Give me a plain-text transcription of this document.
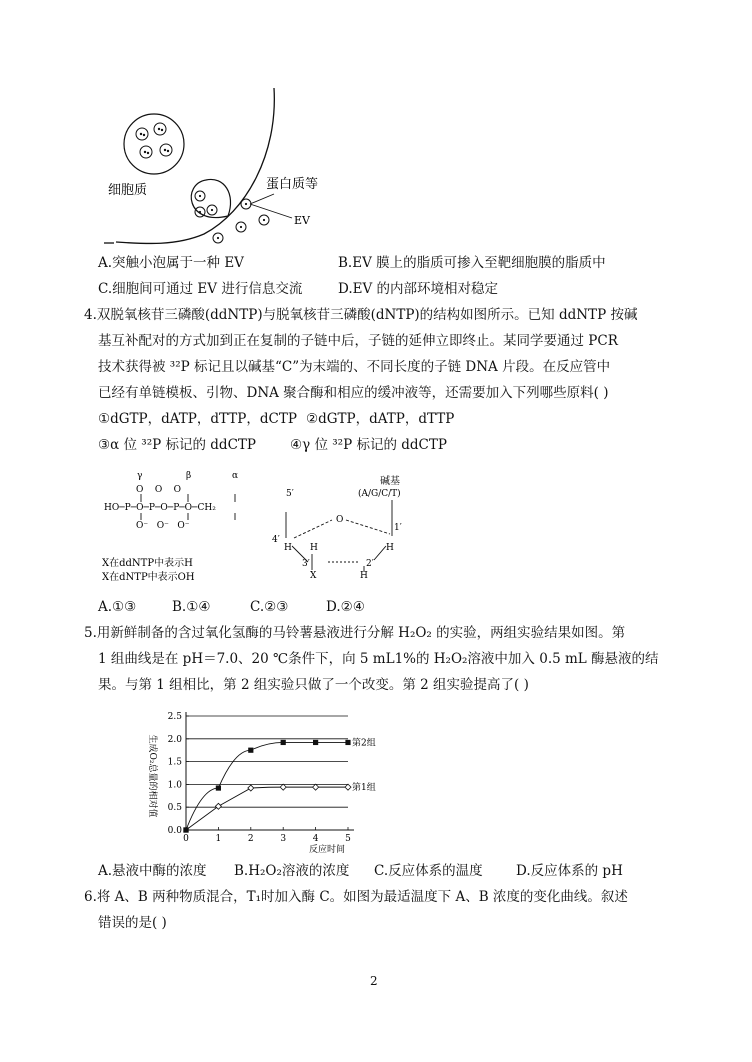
细胞质	蛋白质等
EV
A.突触小泡属于一种 EV	B.EV 膜上的脂质可掺入至靶细胞膜的脂质中
C.细胞间可通过 EV 进行信息交流	D.EV 的内部环境相对稳定
4.双脱氧核苷三磷酸(ddNTP)与脱氧核苷三磷酸(dNTP)的结构如图所示。已知 ddNTP 按碱
基互补配对的方式加到正在复制的子链中后，子链的延伸立即终止。某同学要通过 PCR
技术获得被 ³²P 标记且以碱基“C”为末端的、不同长度的子链 DNA 片段。在反应管中
已经有单链模板、引物、DNA 聚合酶和相应的缓冲液等，还需要加入下列哪些原料( )
①dGTP，dATP，dTTP，dCTP ②dGTP，dATP，dTTP
③α 位 ³²P 标记的 ddCTP	④γ 位 ³²P 标记的 ddCTP
γ	β	α
O    O    O
HO─P─O─P─O─P─O─CH₂
O⁻   O⁻   O⁻
5′
碱基
(A/G/C/T)
O
4′
1′
3′	2′
H H	H
H
X
X在ddNTP中表示H
X在dNTP中表示OH
A.①③	B.①④	C.②③	D.②④
5.用新鲜制备的含过氧化氢酶的马铃薯悬液进行分解 H₂O₂ 的实验，两组实验结果如图。第
1 组曲线是在 pH＝7.0、20 ℃条件下，向 5 mL1%的 H₂O₂溶液中加入 0.5 mL 酶悬液的结
果。与第 1 组相比，第 2 组实验只做了一个改变。第 2 组实验提高了( )
0.0
0.5
1.0
1.5
2.0
2.5
0	1	2	3	4	5
第2组
第1组
生成O₂总量的相对值
反应时间
A.悬液中酶的浓度 B.H₂O₂溶液的浓度 C.反应体系的温度 D.反应体系的 pH
6.将 A、B 两种物质混合，T₁时加入酶 C。如图为最适温度下 A、B 浓度的变化曲线。叙述
错误的是( )
2
